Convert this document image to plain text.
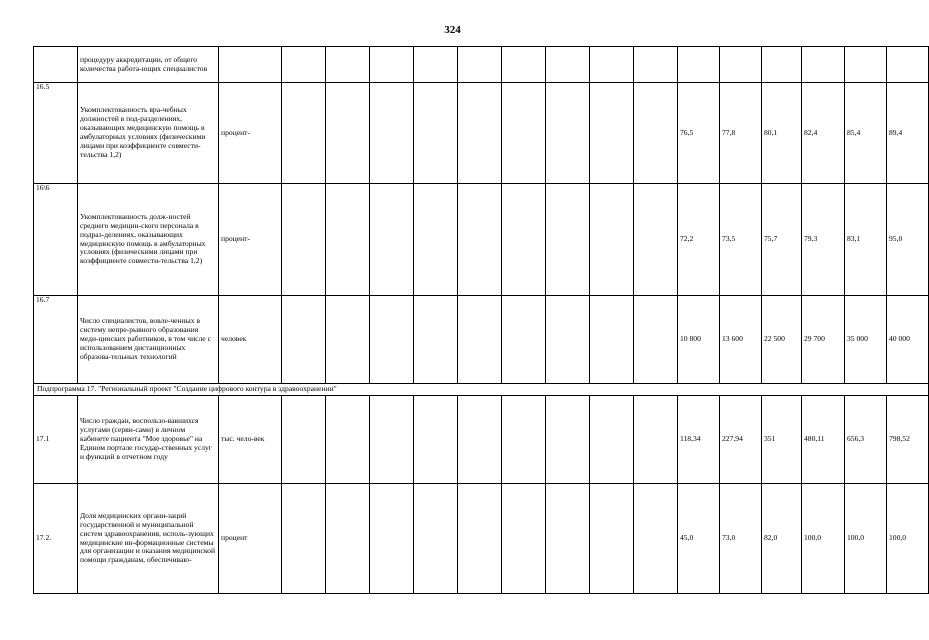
324
	процедуру аккредитации, от общего количества работа-ющих специалистов																
16.5	Укомплектованность вра-чебных должностей в под-разделениях, оказывающих медицинскую помощь в амбулаторных условиях (физическими лицами при коэффициенте совмести-тельства 1,2)	процент-										76,5	77,8	80,1	82,4	85,4	89,4
16\6	Укомплектованность долж-ностей среднего медицин-ского персонала в подраз-делениях, оказывающих медицинскую помощь в амбулаторных условиях (физическими лицами при коэффициенте совмести-тельства 1,2)	процент-										72,2	73,5	75,7	79,3	83,1	95,0
16.7	Число специалистов, вовле-ченных в систему непре-рывного образования меди-цинских работников, в том числе с использованием дистанционных образова-тельных технологий	человек										10 800	13 600	22 500	29 700	35 000	40 000
Подпрограмма 17. "Региональный проект "Создание цифрового контура в здравоохранении"																	
17.1	Число граждан, воспользо-вавшихся услугами (серви-сами) в личном кабинете пациента "Мое здоровье" на Едином портале государ-ственных услуг и функций в отчетном году	тыс. чело-век										118,34	227,94	351	480,11	656,3	798,52
17.2.	Доля медицинских органи-заций государственной и муниципальной систем здравоохранения, исполь-зующих медицинские ин-формационные системы для организации и оказания медицинской помощи гражданам, обеспечиваю-	процент										45,0	73,0	82,0	100,0	100,0	100,0
